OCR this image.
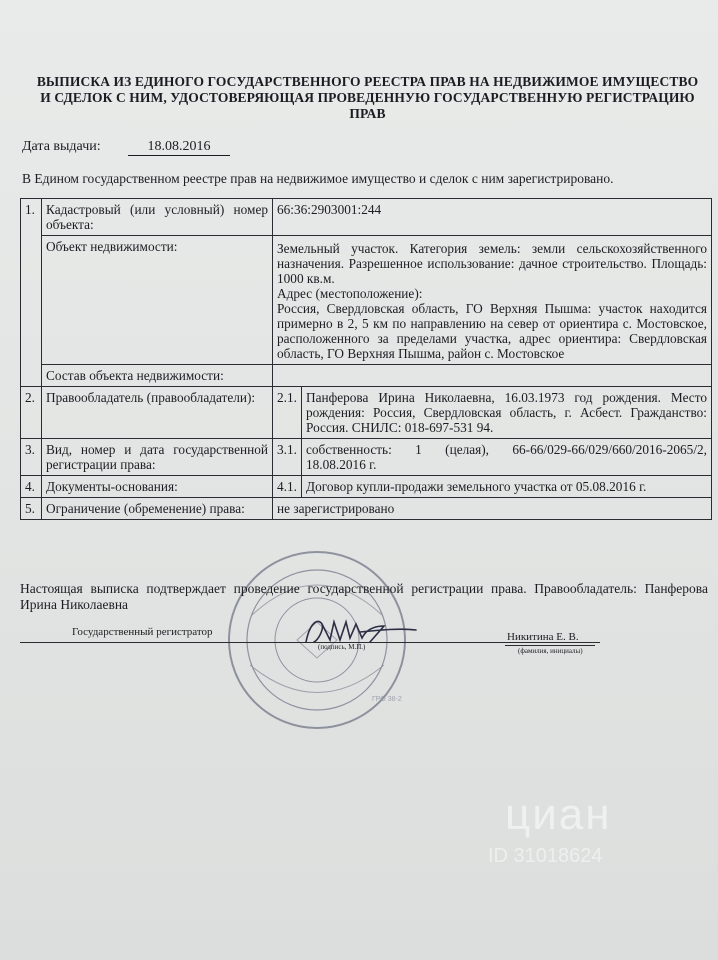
ВЫПИСКА ИЗ ЕДИНОГО ГОСУДАРСТВЕННОГО РЕЕСТРА ПРАВ НА НЕДВИЖИМОЕ ИМУЩЕСТВО И СДЕЛОК С НИМ, УДОСТОВЕРЯЮЩАЯ ПРОВЕДЕННУЮ ГОСУДАРСТВЕННУЮ РЕГИСТРАЦИЮ ПРАВ
Дата выдачи:	18.08.2016
В Едином государственном реестре прав на недвижимое имущество и сделок с ним зарегистрировано.
1.	Кадастровый (или условный) номер объекта:	66:36:2903001:244	
	Объект недвижимости:	Земельный участок. Категория земель: земли сельскохозяйственного назначения. Разрешенное использование: дачное строительство. Площадь: 1000 кв.м.
Адрес (местоположение):
Россия, Свердловская область, ГО Верхняя Пышма: участок находится примерно в 2, 5 км по направлению на север от ориентира с. Мостовское, расположенного за пределами участка, адрес ориентира: Свердловская область, ГО Верхняя Пышма, район с. Мостовское	

	Состав объекта недвижимости:		
2.	Правообладатель (правообладатели):	2.1.	Панферова Ирина Николаевна, 16.03.1973 год рождения. Место рождения: Россия, Свердловская область, г. Асбест. Гражданство: Россия. СНИЛС: 018-697-531 94.
3.	Вид, номер и дата государственной регистрации права:	3.1.	собственность: 1 (целая), 66-66/029-66/029/660/2016-2065/2, 18.08.2016 г.
4.	Документы-основания:	4.1.	Договор купли-продажи земельного участка от 05.08.2016 г.
5.	Ограничение (обременение) права:	не зарегистрировано	
ГРО 38-2
Настоящая выписка подтверждает проведение государственной регистрации права. Правообладатель: Панферова Ирина Николаевна
Государственный регистратор	Никитина Е. В.
(подпись, М.П.)	(фамилия, инициалы)
циан
ID 31018624
